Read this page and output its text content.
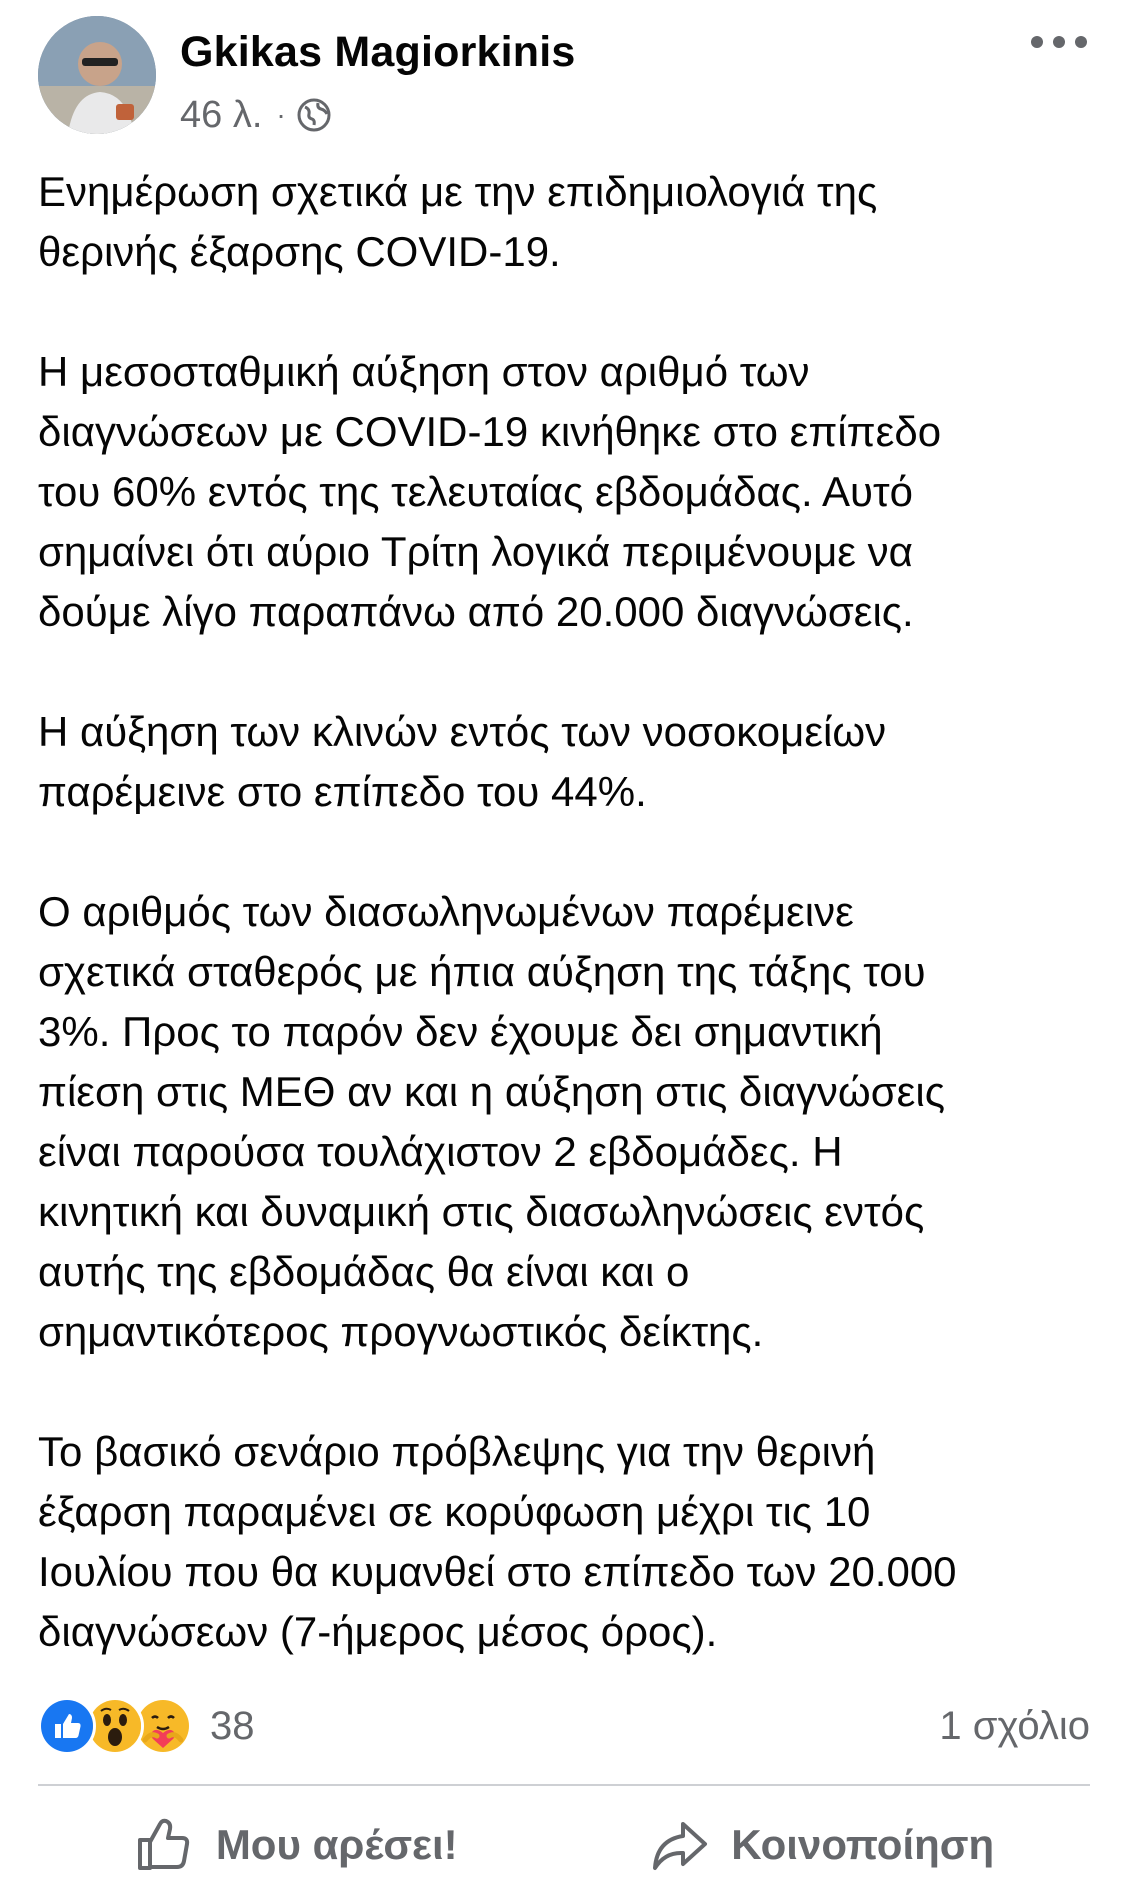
Gkikas Magiorkinis
46 λ. ·

Ενημέρωση σχετικά με την επιδημιολογιά της
θερινής έξαρσης COVID-19.

Η μεσοσταθμική αύξηση στον αριθμό των
διαγνώσεων με COVID-19 κινήθηκε στο επίπεδο
του 60% εντός της τελευταίας εβδομάδας. Αυτό
σημαίνει ότι αύριο Τρίτη λογικά περιμένουμε να
δούμε λίγο παραπάνω από 20.000 διαγνώσεις.

Η αύξηση των κλινών εντός των νοσοκομείων
παρέμεινε στο επίπεδο του 44%.

Ο αριθμός των διασωληνωμένων παρέμεινε
σχετικά σταθερός με ήπια αύξηση της τάξης του
3%. Προς το παρόν δεν έχουμε δει σημαντική
πίεση στις ΜΕΘ αν και η αύξηση στις διαγνώσεις
είναι παρούσα τουλάχιστον 2 εβδομάδες. Η
κινητική και δυναμική στις διασωληνώσεις εντός
αυτής της εβδομάδας θα είναι και ο
σημαντικότερος προγνωστικός δείκτης.

Το βασικό σενάριο πρόβλεψης για την θερινή
έξαρση παραμένει σε κορύφωση μέχρι τις 10
Ιουλίου που θα κυμανθεί στο επίπεδο των 20.000
διαγνώσεων (7-ήμερος μέσος όρος).

38	1 σχόλιο
Μου αρέσει!	Κοινοποίηση
